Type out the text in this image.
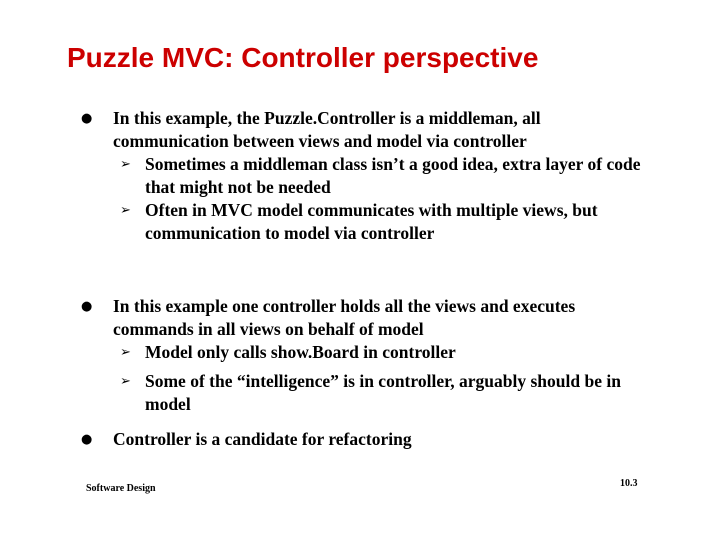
Puzzle MVC: Controller perspective
● In this example, the Puzzle.Controller is a middleman, all communication between views and model via controller
➢ Sometimes a middleman class isn’t a good idea, extra layer of code that might not be needed
➢ Often in MVC model communicates with multiple views, but communication to model via controller
● In this example one controller holds all the views and executes commands in all views on behalf of model
➢ Model only calls show.Board in controller
➢ Some of the “intelligence” is in controller, arguably should be in model
● Controller is a candidate for refactoring
Software Design	10.3
